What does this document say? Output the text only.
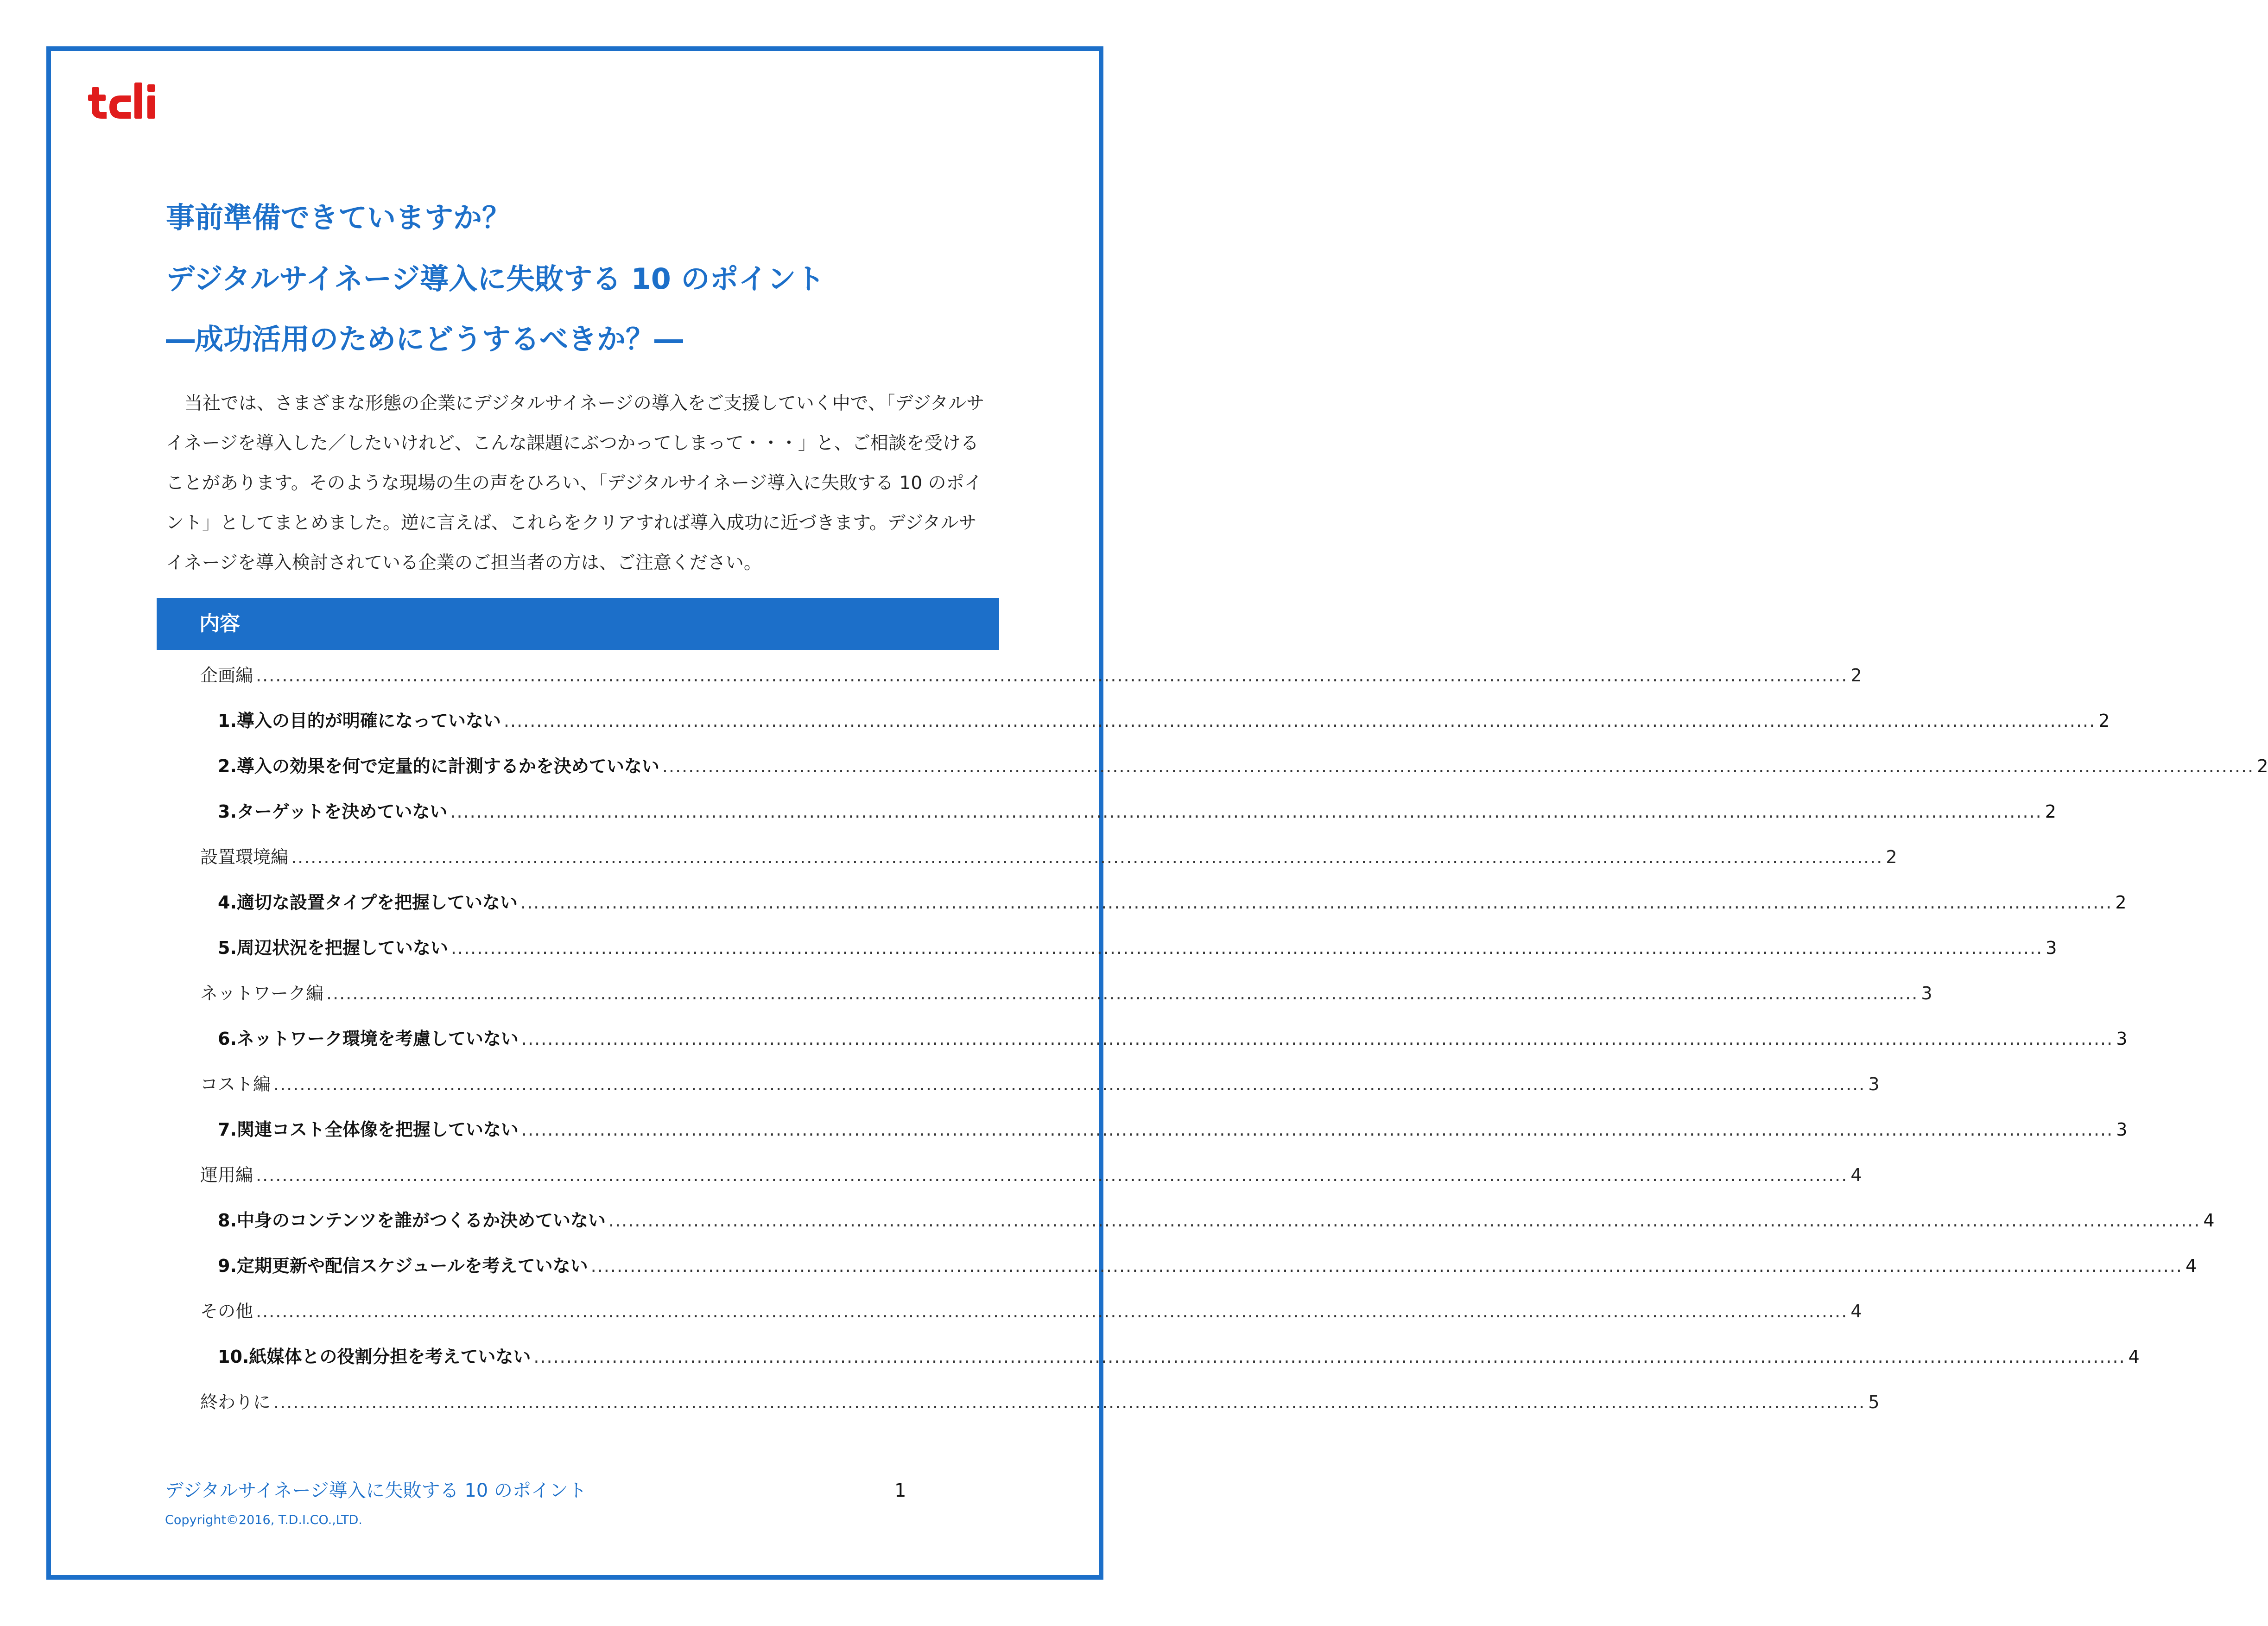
事前準備できていますか？
デジタルサイネージ導入に失敗する 10 のポイント
―成功活用のためにどうするべきか？―

当社では、さまざまな形態の企業にデジタルサイネージの導入をご支援していく中で、「デジタルサイネージを導入した／したいけれど、こんな課題にぶつかってしまって・・・」と、ご相談を受けることがあります。そのような現場の生の声をひろい、「デジタルサイネージ導入に失敗する 10 のポイント」としてまとめました。逆に言えば、これらをクリアすれば導入成功に近づきます。デジタルサイネージを導入検討されている企業のご担当者の方は、ご注意ください。

内容
企画編 .................................................................................................................................................................................................................................................... 2
1. 導入の目的が明確になっていない .................................................................................................................................................................................................................................................... 2
2. 導入の効果を何で定量的に計測するかを決めていない .................................................................................................................................................................................................................................................... 2
3. ターゲットを決めていない .................................................................................................................................................................................................................................................... 2
設置環境編 .................................................................................................................................................................................................................................................... 2
4. 適切な設置タイプを把握していない .................................................................................................................................................................................................................................................... 2
5. 周辺状況を把握していない .................................................................................................................................................................................................................................................... 3
ネットワーク編 .................................................................................................................................................................................................................................................... 3
6. ネットワーク環境を考慮していない .................................................................................................................................................................................................................................................... 3
コスト編 .................................................................................................................................................................................................................................................... 3
7. 関連コスト全体像を把握していない .................................................................................................................................................................................................................................................... 3
運用編 .................................................................................................................................................................................................................................................... 4
8. 中身のコンテンツを誰がつくるか決めていない .................................................................................................................................................................................................................................................... 4
9. 定期更新や配信スケジュールを考えていない .................................................................................................................................................................................................................................................... 4
その他 .................................................................................................................................................................................................................................................... 4
10. 紙媒体との役割分担を考えていない .................................................................................................................................................................................................................................................... 4
終わりに .................................................................................................................................................................................................................................................... 5
デジタルサイネージ導入に失敗する 10 のポイント	1
Copyright©2016, T.D.I.CO.,LTD.
